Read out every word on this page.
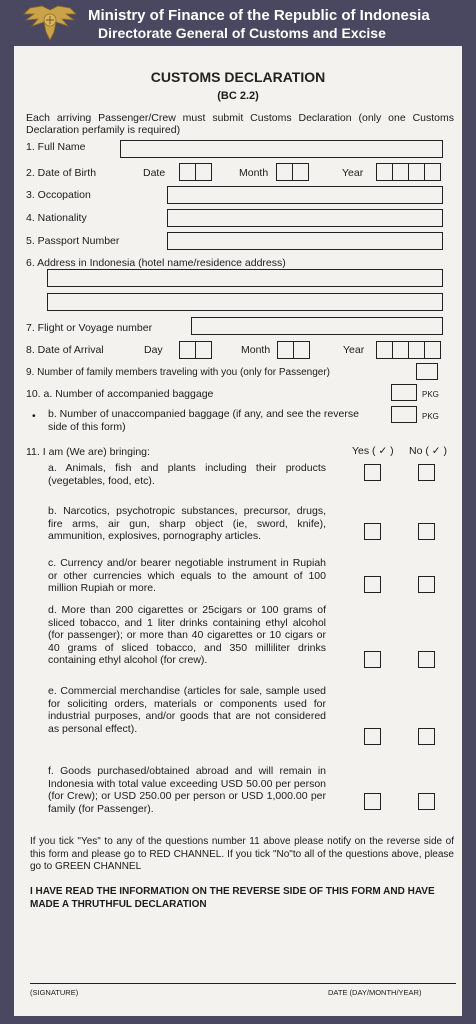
Ministry of Finance of the Republic of Indonesia
Directorate General of Customs and Excise
CUSTOMS DECLARATION
(BC 2.2)
Each arriving Passenger/Crew must submit Customs Declaration (only one Customs Declaration perfamily is required)
1. Full Name
2. Date of Birth	Date	Month	Year
3. Occopation
4. Nationality
5. Passport Number
6. Address in Indonesia (hotel name/residence address)
7. Flight or Voyage number
8. Date of Arrival	Day	Month	Year
9. Number of family members traveling with you (only for Passenger)
10. a. Number of accompanied baggage	PKG
• b. Number of unaccompanied baggage (if any, and see the reverse side of this form)
PKG
11. I am (We are) bringing:	Yes ( ✓ ) No ( ✓ )
a. Animals, fish and plants including their products (vegetables, food, etc).
b. Narcotics, psychotropic substances, precursor, drugs, fire arms, air gun, sharp object (ie, sword, knife), ammunition, explosives, pornography articles.
c. Currency and/or bearer negotiable instrument in Rupiah or other currencies which equals to the amount of 100 million Rupiah or more.
d. More than 200 cigarettes or 25cigars or 100 grams of sliced tobacco, and 1 liter drinks containing ethyl alcohol (for passenger); or more than 40 cigarettes or 10 cigars or 40 grams of sliced tobacco, and 350 milliliter drinks containing ethyl alcohol (for crew).
e. Commercial merchandise (articles for sale, sample used for soliciting orders, materials or components used for industrial purposes, and/or goods that are not considered as personal effect).
f. Goods purchased/obtained abroad and will remain in Indonesia with total value exceeding USD 50.00 per person (for Crew); or USD 250.00 per person or USD 1,000.00 per family (for Passenger).
If you tick "Yes" to any of the questions number 11 above please notify on the reverse side of this form and please go to RED CHANNEL. If you tick "No"to all of the questions above, please go to GREEN CHANNEL
I HAVE READ THE INFORMATION ON THE REVERSE SIDE OF THIS FORM AND HAVE MADE A THRUTHFUL DECLARATION
(SIGNATURE)	DATE (DAY/MONTH/YEAR)
